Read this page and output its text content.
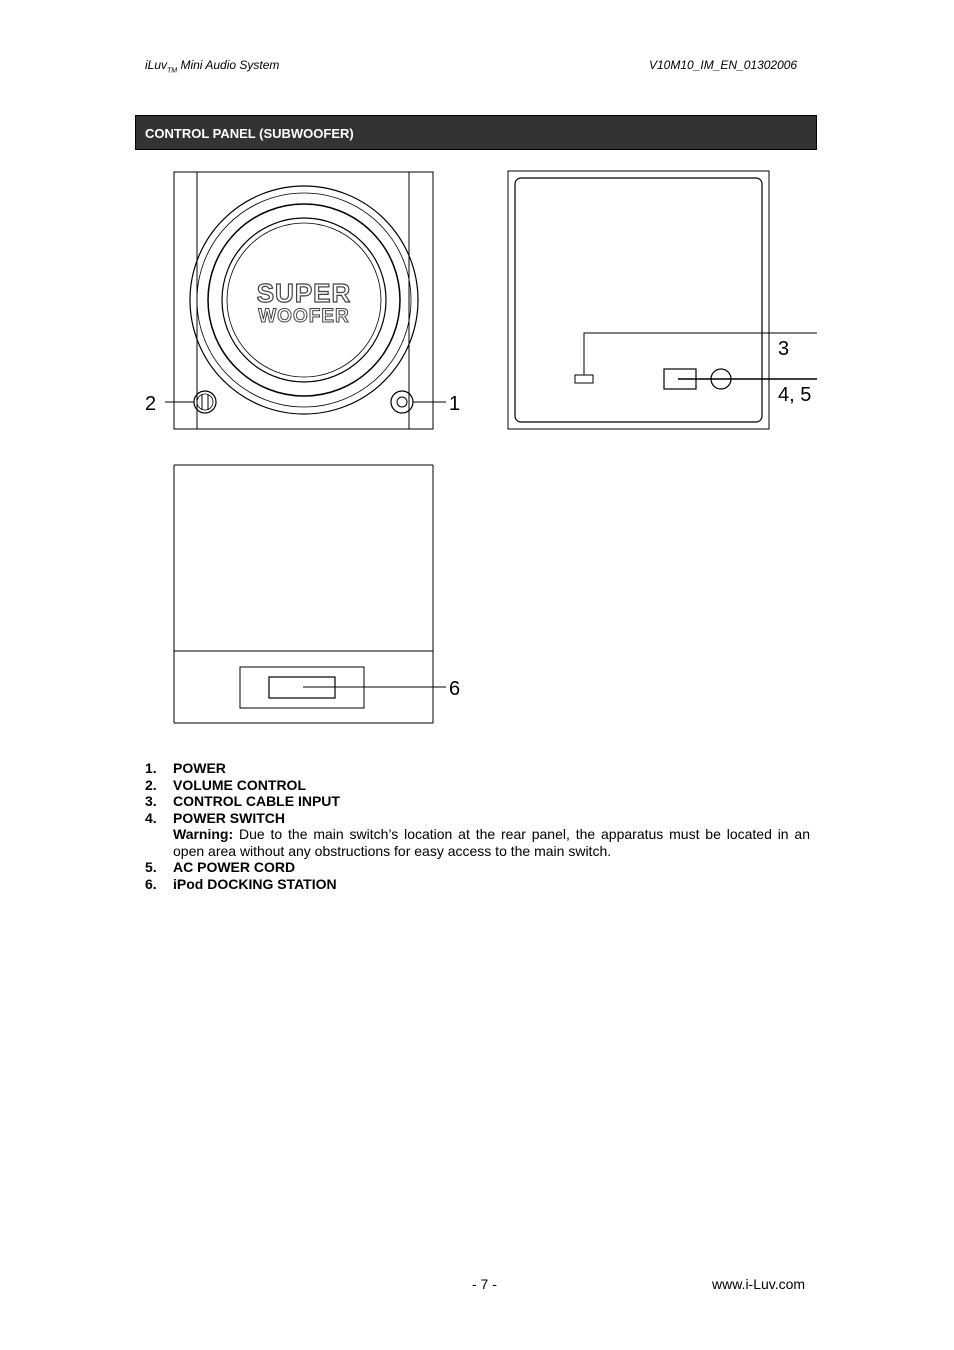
iLuv$_{TM}$ Mini Audio System	V10M10_IM_EN_01302006
CONTROL PANEL (SUBWOOFER)
SUPER
WOOFER
2	1
3
4, 5
6
1.	POWER
2.	VOLUME CONTROL
3.	CONTROL CABLE INPUT
4.	POWER SWITCH
Warning: Due to the main switch’s location at the rear panel, the apparatus must be located in an open area without any obstructions for easy access to the main switch.
5.	AC POWER CORD
6.	iPod DOCKING STATION
- 7 -	www.i-Luv.com
